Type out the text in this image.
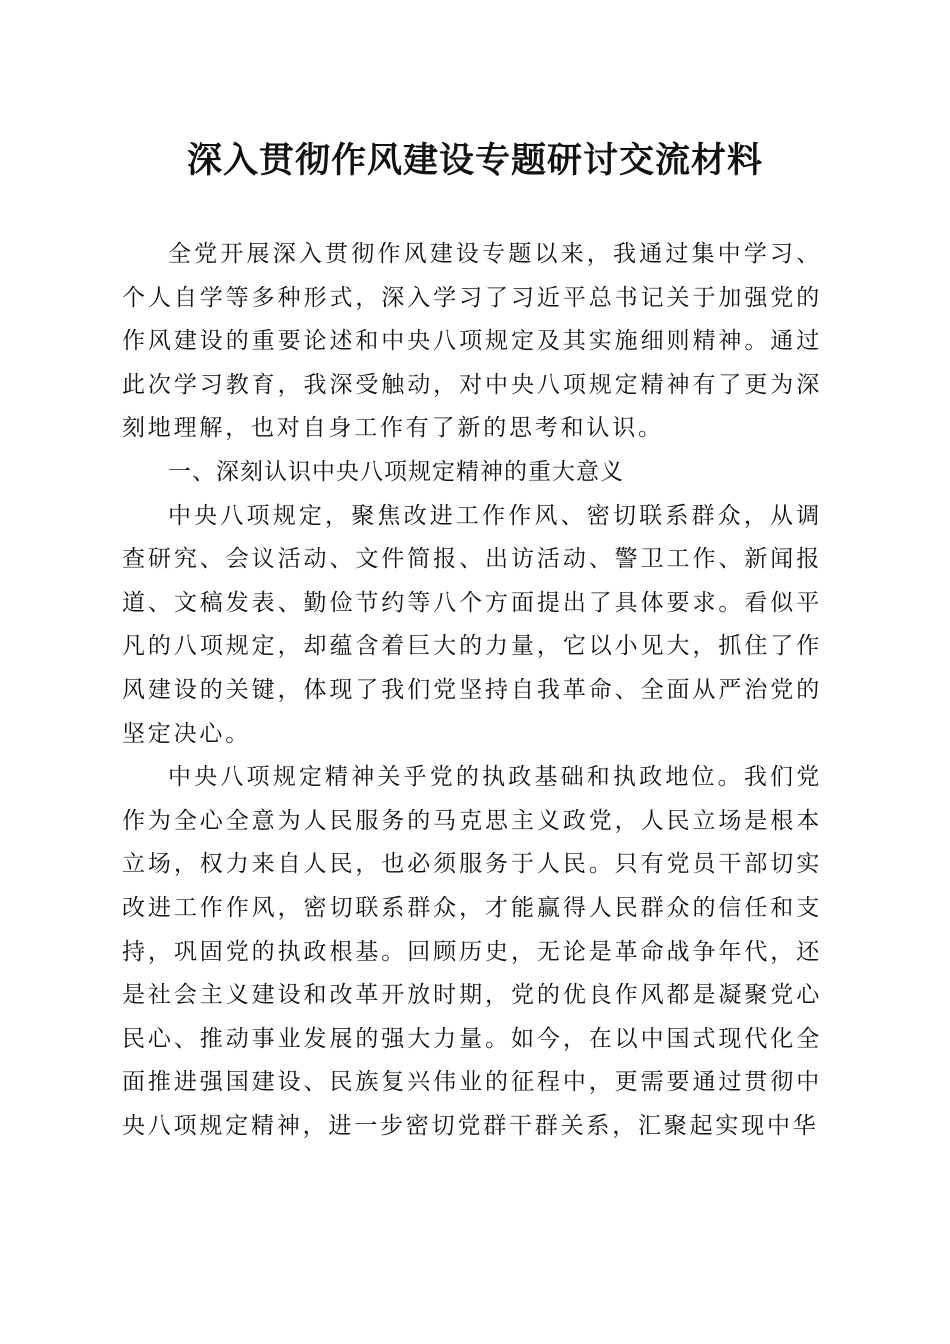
深入贯彻作风建设专题研讨交流材料

全党开展深入贯彻作风建设专题以来，我通过集中学习、个人自学等多种形式，深入学习了习近平总书记关于加强党的作风建设的重要论述和中央八项规定及其实施细则精神。通过此次学习教育，我深受触动，对中央八项规定精神有了更为深刻地理解，也对自身工作有了新的思考和认识。

一、深刻认识中央八项规定精神的重大意义

中央八项规定，聚焦改进工作作风、密切联系群众，从调查研究、会议活动、文件简报、出访活动、警卫工作、新闻报道、文稿发表、勤俭节约等八个方面提出了具体要求。看似平凡的八项规定，却蕴含着巨大的力量，它以小见大，抓住了作风建设的关键，体现了我们党坚持自我革命、全面从严治党的坚定决心。

中央八项规定精神关乎党的执政基础和执政地位。我们党作为全心全意为人民服务的马克思主义政党，人民立场是根本立场，权力来自人民，也必须服务于人民。只有党员干部切实改进工作作风，密切联系群众，才能赢得人民群众的信任和支持，巩固党的执政根基。回顾历史，无论是革命战争年代，还是社会主义建设和改革开放时期，党的优良作风都是凝聚党心民心、推动事业发展的强大力量。如今，在以中国式现代化全面推进强国建设、民族复兴伟业的征程中，更需要通过贯彻中央八项规定精神，进一步密切党群干群关系，汇聚起实现中华
